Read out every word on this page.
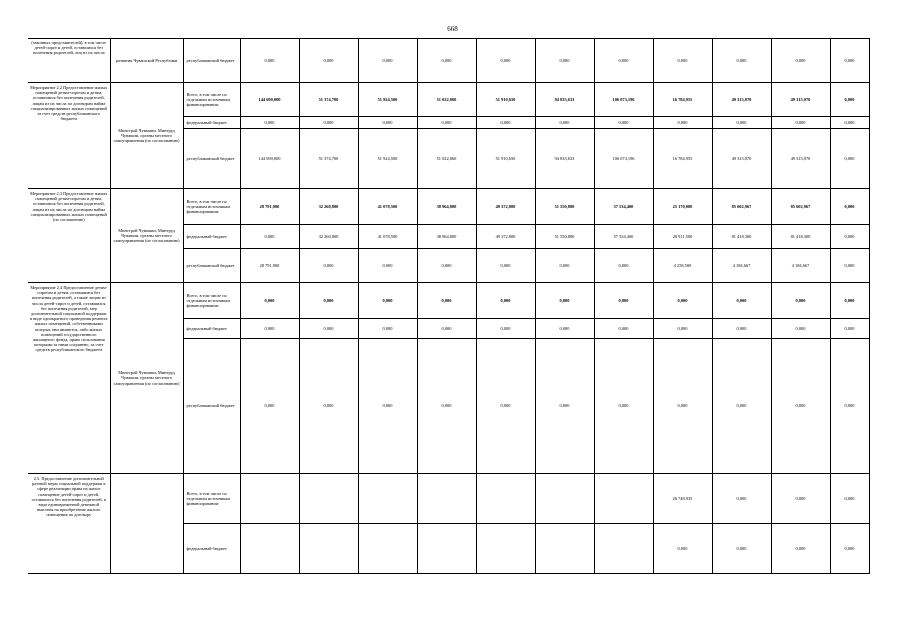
668
(законных представителей), в том числе детей-сирот и детей, оставшихся без попечения родителей, лиц из их числа	развития Чувашской Республики	республиканский бюджет	0,000	0,000	0,000	0,000	0,000	0,000	0,000	0,000	0,000	0,000	0,000
Мероприятие 2.2 Предоставление жилых помещений детям-сиротам и детям, оставшимся без попечения родителей, лицам из их числа по договорам найма специализированных жилых помещений за счет средств республиканского бюджета	Минстрой Чувашии, Минтруд Чувашии, органы местного самоуправления (по согласованию)	Всего, в том числе по отдельным источникам финансирования:	144 690,000	51 374,700	51 924,500	51 022,060	51 910,650	94 835,633	106 073,196	16 784,955	49 315,070	49 315,070	0,000
		федеральный бюджет	0,000	0,000	0,000	0,000	0,000	0,000	0,000	0,000	0,000	0,000	0,000
		республиканский бюджет	144 690,000	51 374,700	51 924,500	51 022,060	51 910,650	94 835,633	106 073,196	16 784,955	49 315,070	49 315,070	0,000
Мероприятие 2.3 Предоставление жилых помещений детям-сиротам и детям, оставшимся без попечения родителей, лицам из их числа по договорам найма специализированных жилых помещений (по соглашению)	Минстрой Чувашии, Минтруд Чувашии, органы местного самоуправления (по согласованию)	Всего, в том числе по отдельным источникам финансирования:	28 791,900	32 260,800	41 078,500	38 964,800	49 372,800	51 550,800	57 534,400	25 170,000	85 602,967	85 602,967	0,000
		федеральный бюджет	0,000	32 260,800	41 078,500	38 964,800	49 372,800	51 550,800	57 534,400	20 911,500	81 418,300	81 418,300	0,000
		республиканский бюджет	28 791,900	0,000	0,000	0,000	0,000	0,000	0,000	4 258,500	4 184,667	4 184,667	0,000
Мероприятие 2.4 Предоставление детям-сиротам и детям, оставшимся без попечения родителей, а также лицам из числа детей-сирот и детей, оставшихся без попечения родителей, мер дополнительной социальной поддержки в виде однократного проведения ремонта жилых помещений, собственниками которых они являются, либо жилых помещений государственного жилищного фонда, право пользования которыми за ними сохранено, за счет средств республиканского бюджета	Минстрой Чувашии, Минтруд Чувашии, органы местного самоуправления (по согласованию)	Всего, в том числе по отдельным источникам финансирования:	0,000	0,000	0,000	0,000	0,000	0,000	0,000	0,000	0,000	0,000	0,000
		федеральный бюджет	0,000	0,000	0,000	0,000	0,000	0,000	0,000	0,000	0,000	0,000	0,000
		республиканский бюджет	0,000	0,000	0,000	0,000	0,000	0,000	0,000	0,000	0,000	0,000	0,000
2.5. Предоставление дополнительной разовой меры социальной поддержки в сфере реализации права на жилое помещение детей-сирот и детей, оставшихся без попечения родителей, в виде единовременной денежной выплаты на приобретение жилого помещения по договору		Всего, в том числе по отдельным источникам финансирования:								26 748,935	0,000	0,000	0,000
		федеральный бюджет								0,000	0,000	0,000	0,000
